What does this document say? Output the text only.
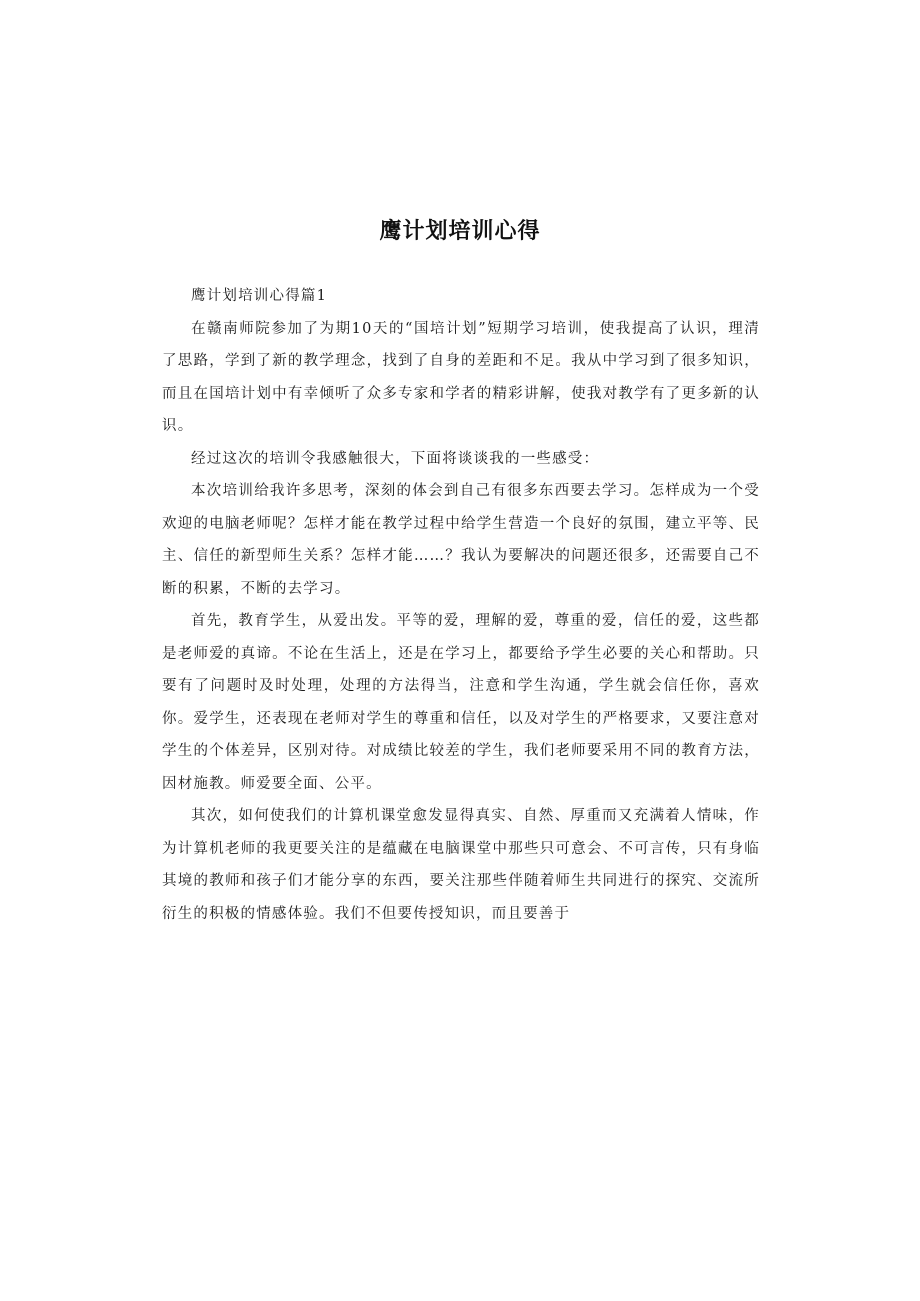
鹰计划培训心得

鹰计划培训心得篇1

在赣南师院参加了为期10天的“国培计划”短期学习培训，使我提高了认识，理清了思路，学到了新的教学理念，找到了自身的差距和不足。我从中学习到了很多知识，而且在国培计划中有幸倾听了众多专家和学者的精彩讲解，使我对教学有了更多新的认识。

经过这次的培训令我感触很大，下面将谈谈我的一些感受：

本次培训给我许多思考，深刻的体会到自己有很多东西要去学习。怎样成为一个受欢迎的电脑老师呢？怎样才能在教学过程中给学生营造一个良好的氛围，建立平等、民主、信任的新型师生关系？怎样才能……？我认为要解决的问题还很多，还需要自己不断的积累，不断的去学习。

首先，教育学生，从爱出发。平等的爱，理解的爱，尊重的爱，信任的爱，这些都是老师爱的真谛。不论在生活上，还是在学习上，都要给予学生必要的关心和帮助。只要有了问题时及时处理，处理的方法得当，注意和学生沟通，学生就会信任你，喜欢你。爱学生，还表现在老师对学生的尊重和信任，以及对学生的严格要求，又要注意对学生的个体差异，区别对待。对成绩比较差的学生，我们老师要采用不同的教育方法，因材施教。师爱要全面、公平。

其次，如何使我们的计算机课堂愈发显得真实、自然、厚重而又充满着人情味，作为计算机老师的我更要关注的是蕴藏在电脑课堂中那些只可意会、不可言传，只有身临其境的教师和孩子们才能分享的东西，要关注那些伴随着师生共同进行的探究、交流所衍生的积极的情感体验。我们不但要传授知识，而且要善于
